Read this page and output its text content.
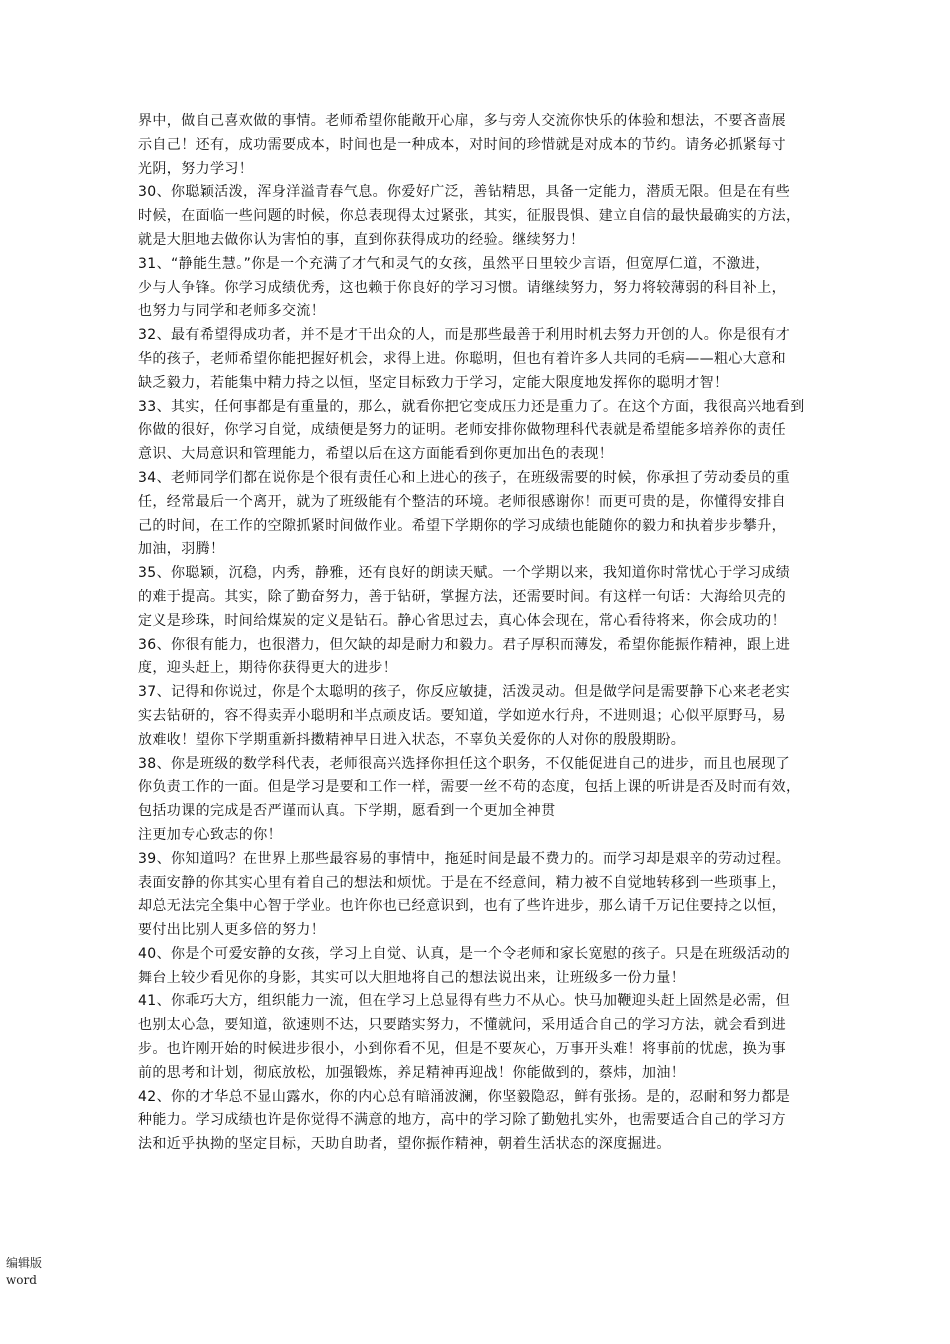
界中，做自己喜欢做的事情。老师希望你能敞开心扉，多与旁人交流你快乐的体验和想法，不要吝啬展
示自己！还有，成功需要成本，时间也是一种成本，对时间的珍惜就是对成本的节约。请务必抓紧每寸
光阴，努力学习！
30、你聪颖活泼，浑身洋溢青春气息。你爱好广泛，善钻精思，具备一定能力，潜质无限。但是在有些
时候，在面临一些问题的时候，你总表现得太过紧张，其实，征服畏惧、建立自信的最快最确实的方法，
就是大胆地去做你认为害怕的事，直到你获得成功的经验。继续努力！
31、“静能生慧。”你是一个充满了才气和灵气的女孩，虽然平日里较少言语，但宽厚仁道，不激进，
少与人争锋。你学习成绩优秀，这也赖于你良好的学习习惯。请继续努力，努力将较薄弱的科目补上，
也努力与同学和老师多交流！
32、最有希望得成功者，并不是才干出众的人，而是那些最善于利用时机去努力开创的人。你是很有才
华的孩子，老师希望你能把握好机会，求得上进。你聪明，但也有着许多人共同的毛病——粗心大意和
缺乏毅力，若能集中精力持之以恒，坚定目标致力于学习，定能大限度地发挥你的聪明才智！
33、其实，任何事都是有重量的，那么，就看你把它变成压力还是重力了。在这个方面，我很高兴地看到
你做的很好，你学习自觉，成绩便是努力的证明。老师安排你做物理科代表就是希望能多培养你的责任
意识、大局意识和管理能力，希望以后在这方面能看到你更加出色的表现！
34、老师同学们都在说你是个很有责任心和上进心的孩子，在班级需要的时候，你承担了劳动委员的重
任，经常最后一个离开，就为了班级能有个整洁的环境。老师很感谢你！而更可贵的是，你懂得安排自
己的时间，在工作的空隙抓紧时间做作业。希望下学期你的学习成绩也能随你的毅力和执着步步攀升，
加油，羽腾！
35、你聪颖，沉稳，内秀，静雅，还有良好的朗读天赋。一个学期以来，我知道你时常忧心于学习成绩
的难于提高。其实，除了勤奋努力，善于钻研，掌握方法，还需要时间。有这样一句话：大海给贝壳的
定义是珍珠，时间给煤炭的定义是钻石。静心省思过去，真心体会现在，常心看待将来，你会成功的！
36、你很有能力，也很潜力，但欠缺的却是耐力和毅力。君子厚积而薄发，希望你能振作精神，跟上进
度，迎头赶上，期待你获得更大的进步！
37、记得和你说过，你是个太聪明的孩子，你反应敏捷，活泼灵动。但是做学问是需要静下心来老老实
实去钻研的，容不得卖弄小聪明和半点顽皮话。要知道，学如逆水行舟，不进则退；心似平原野马，易
放难收！望你下学期重新抖擞精神早日进入状态，不辜负关爱你的人对你的殷殷期盼。
38、你是班级的数学科代表，老师很高兴选择你担任这个职务，不仅能促进自己的进步，而且也展现了
你负责工作的一面。但是学习是要和工作一样，需要一丝不苟的态度，包括上课的听讲是否及时而有效，
包括功课的完成是否严谨而认真。下学期，愿看到一个更加全神贯
注更加专心致志的你！
39、你知道吗？在世界上那些最容易的事情中，拖延时间是最不费力的。而学习却是艰辛的劳动过程。
表面安静的你其实心里有着自己的想法和烦忧。于是在不经意间，精力被不自觉地转移到一些琐事上，
却总无法完全集中心智于学业。也许你也已经意识到，也有了些许进步，那么请千万记住要持之以恒，
要付出比别人更多倍的努力！
40、你是个可爱安静的女孩，学习上自觉、认真，是一个令老师和家长宽慰的孩子。只是在班级活动的
舞台上较少看见你的身影，其实可以大胆地将自己的想法说出来，让班级多一份力量！
41、你乖巧大方，组织能力一流，但在学习上总显得有些力不从心。快马加鞭迎头赶上固然是必需，但
也别太心急，要知道，欲速则不达，只要踏实努力，不懂就问，采用适合自己的学习方法，就会看到进
步。也许刚开始的时候进步很小，小到你看不见，但是不要灰心，万事开头难！将事前的忧虑，换为事
前的思考和计划，彻底放松，加强锻炼，养足精神再迎战！你能做到的，蔡炜，加油！
42、你的才华总不显山露水，你的内心总有暗涌波澜，你坚毅隐忍，鲜有张扬。是的，忍耐和努力都是
种能力。学习成绩也许是你觉得不满意的地方，高中的学习除了勤勉扎实外，也需要适合自己的学习方
法和近乎执拗的坚定目标，天助自助者，望你振作精神，朝着生活状态的深度掘进。
编辑版
word
